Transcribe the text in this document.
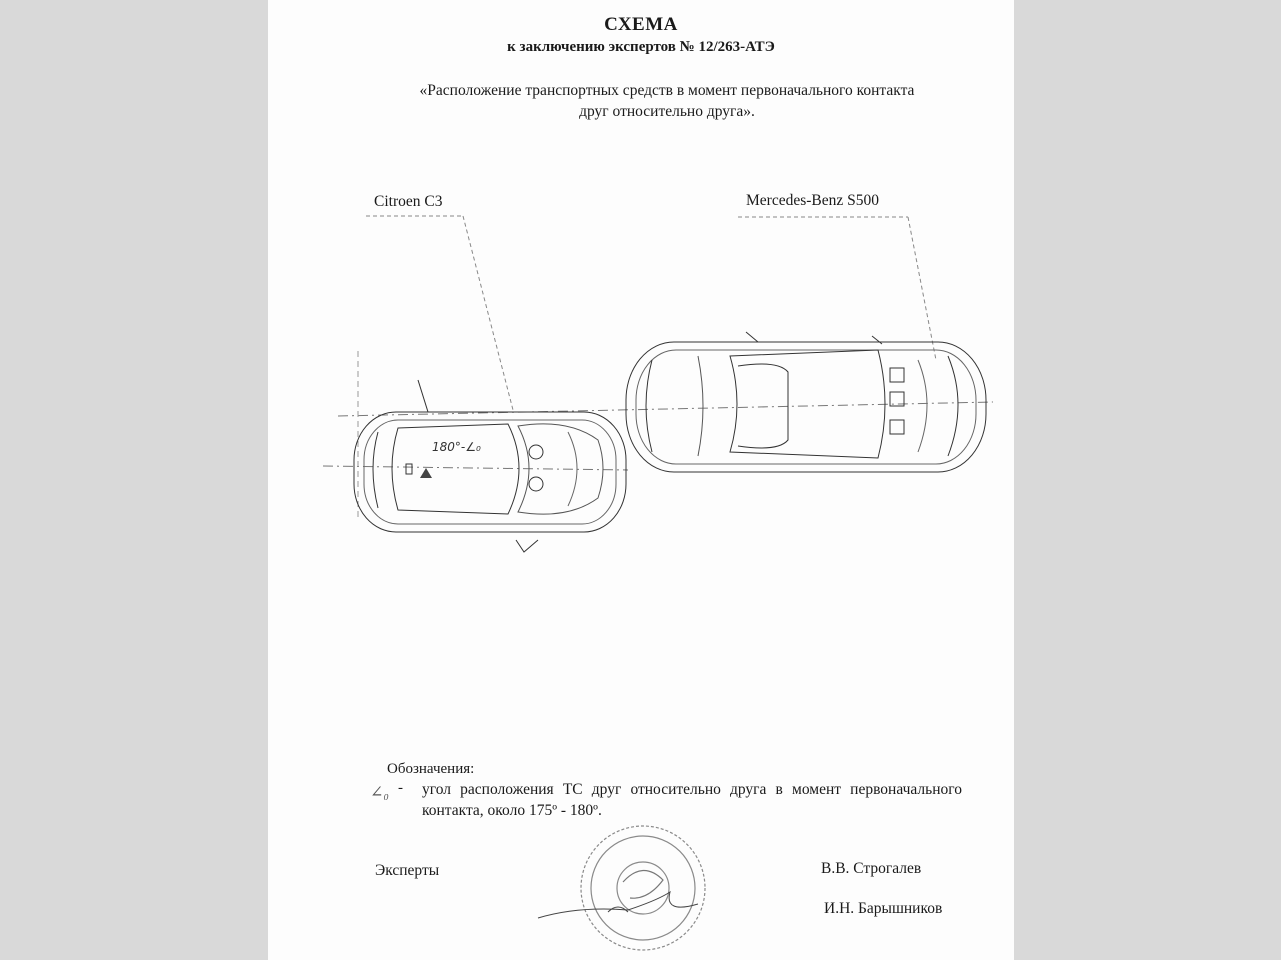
СХЕМА
к заключению экспертов № 12/263-АТЭ
«Расположение транспортных средств в момент первоначального контакта
друг относительно друга».
Citroen C3	Mercedes-Benz S500
180°-∠₀
Обозначения:
∠₀ - угол расположения ТС друг относительно друга в момент первоначального контакта, около 175º - 180º.
Эксперты	В.В. Строгалев
И.Н. Барышников
